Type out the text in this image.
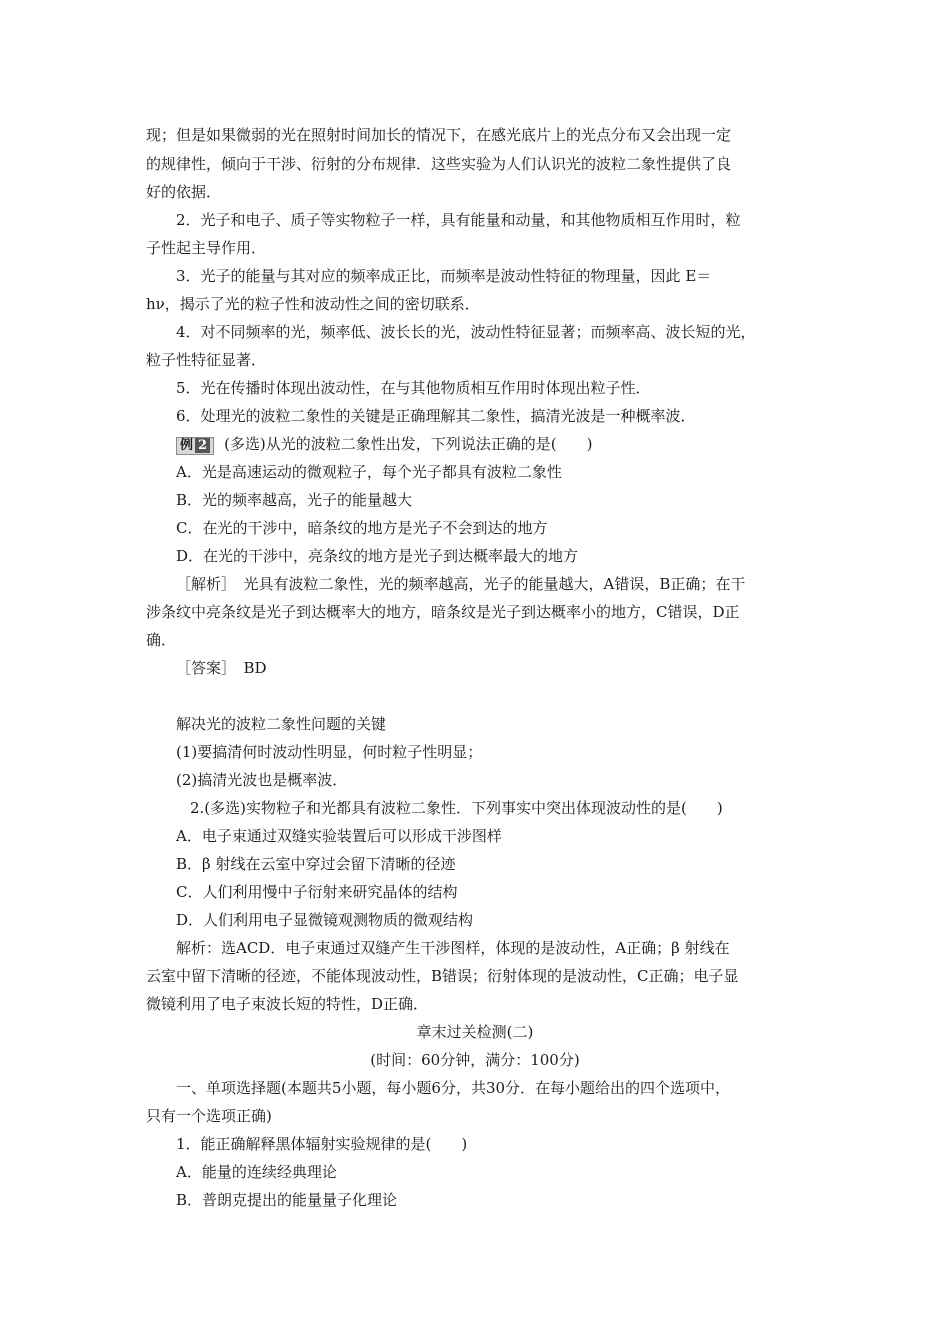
现；但是如果微弱的光在照射时间加长的情况下，在感光底片上的光点分布又会出现一定
的规律性，倾向于干涉、衍射的分布规律．这些实验为人们认识光的波粒二象性提供了良
好的依据．
2．光子和电子、质子等实物粒子一样，具有能量和动量，和其他物质相互作用时，粒
子性起主导作用．
3．光子的能量与其对应的频率成正比，而频率是波动性特征的物理量，因此 E＝
hν，揭示了光的粒子性和波动性之间的密切联系．
4．对不同频率的光，频率低、波长长的光，波动性特征显著；而频率高、波长短的光，
粒子性特征显著．
5．光在传播时体现出波动性，在与其他物质相互作用时体现出粒子性．
6．处理光的波粒二象性的关键是正确理解其二象性，搞清光波是一种概率波．
例 2 (多选)从光的波粒二象性出发，下列说法正确的是(　　)
A．光是高速运动的微观粒子，每个光子都具有波粒二象性
B．光的频率越高，光子的能量越大
C．在光的干涉中，暗条纹的地方是光子不会到达的地方
D．在光的干涉中，亮条纹的地方是光子到达概率最大的地方
［解析］　光具有波粒二象性，光的频率越高，光子的能量越大，A错误，B正确；在干
涉条纹中亮条纹是光子到达概率大的地方，暗条纹是光子到达概率小的地方，C错误，D正
确．
［答案］　BD
解决光的波粒二象性问题的关键
(1)要搞清何时波动性明显，何时粒子性明显；
(2)搞清光波也是概率波．
2.(多选)实物粒子和光都具有波粒二象性．下列事实中突出体现波动性的是(　　)
A．电子束通过双缝实验装置后可以形成干涉图样
B．β 射线在云室中穿过会留下清晰的径迹
C．人们利用慢中子衍射来研究晶体的结构
D．人们利用电子显微镜观测物质的微观结构
解析：选ACD．电子束通过双缝产生干涉图样，体现的是波动性，A正确；β 射线在
云室中留下清晰的径迹，不能体现波动性，B错误；衍射体现的是波动性，C正确；电子显
微镜利用了电子束波长短的特性，D正确．
章末过关检测(二)
(时间：60分钟，满分：100分)
一、单项选择题(本题共5小题，每小题6分，共30分．在每小题给出的四个选项中，
只有一个选项正确)
1．能正确解释黑体辐射实验规律的是(　　)
A．能量的连续经典理论
B．普朗克提出的能量量子化理论
